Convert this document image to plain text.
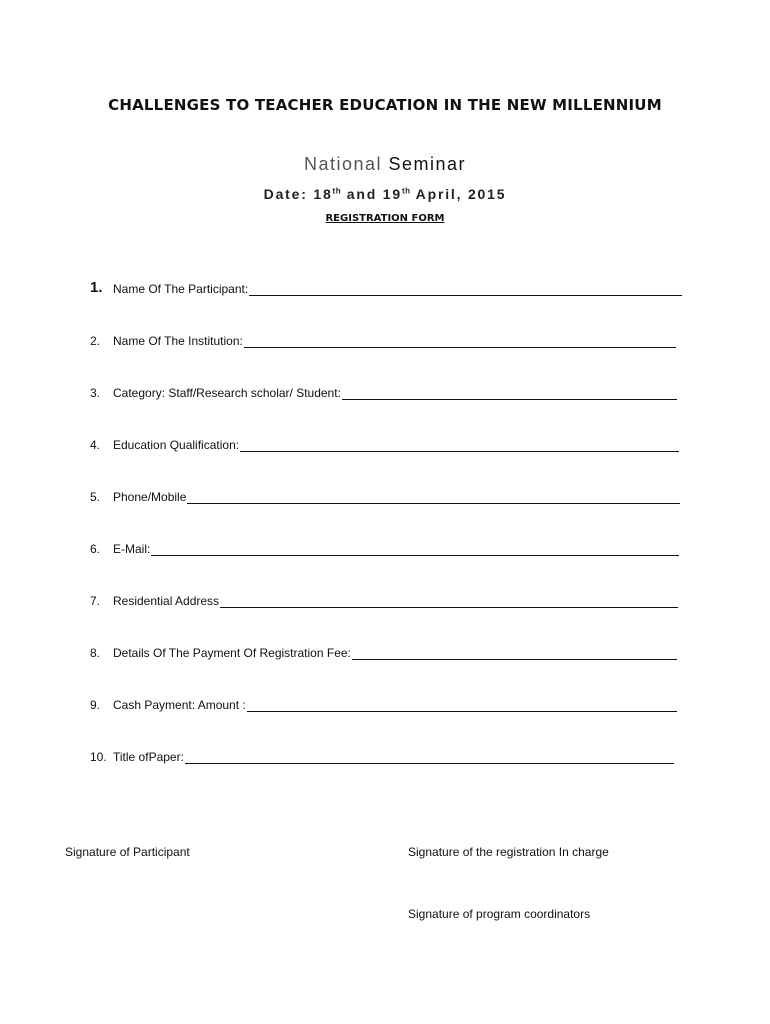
CHALLENGES TO TEACHER EDUCATION IN THE NEW MILLENNIUM

National Seminar

Date: 18th and 19th April, 2015

REGISTRATION FORM

1. Name Of The Participant:
2.	Name Of The Institution:
3.	Category: Staff/Research scholar/ Student:
4.	Education Qualification:
5.	Phone/Mobile
6.	E-Mail:
7.	Residential Address
8.	Details Of The Payment Of Registration Fee:
9.	Cash Payment: Amount :
10. Title ofPaper:
Signature of Participant	Signature of the registration In charge
Signature of program coordinators
